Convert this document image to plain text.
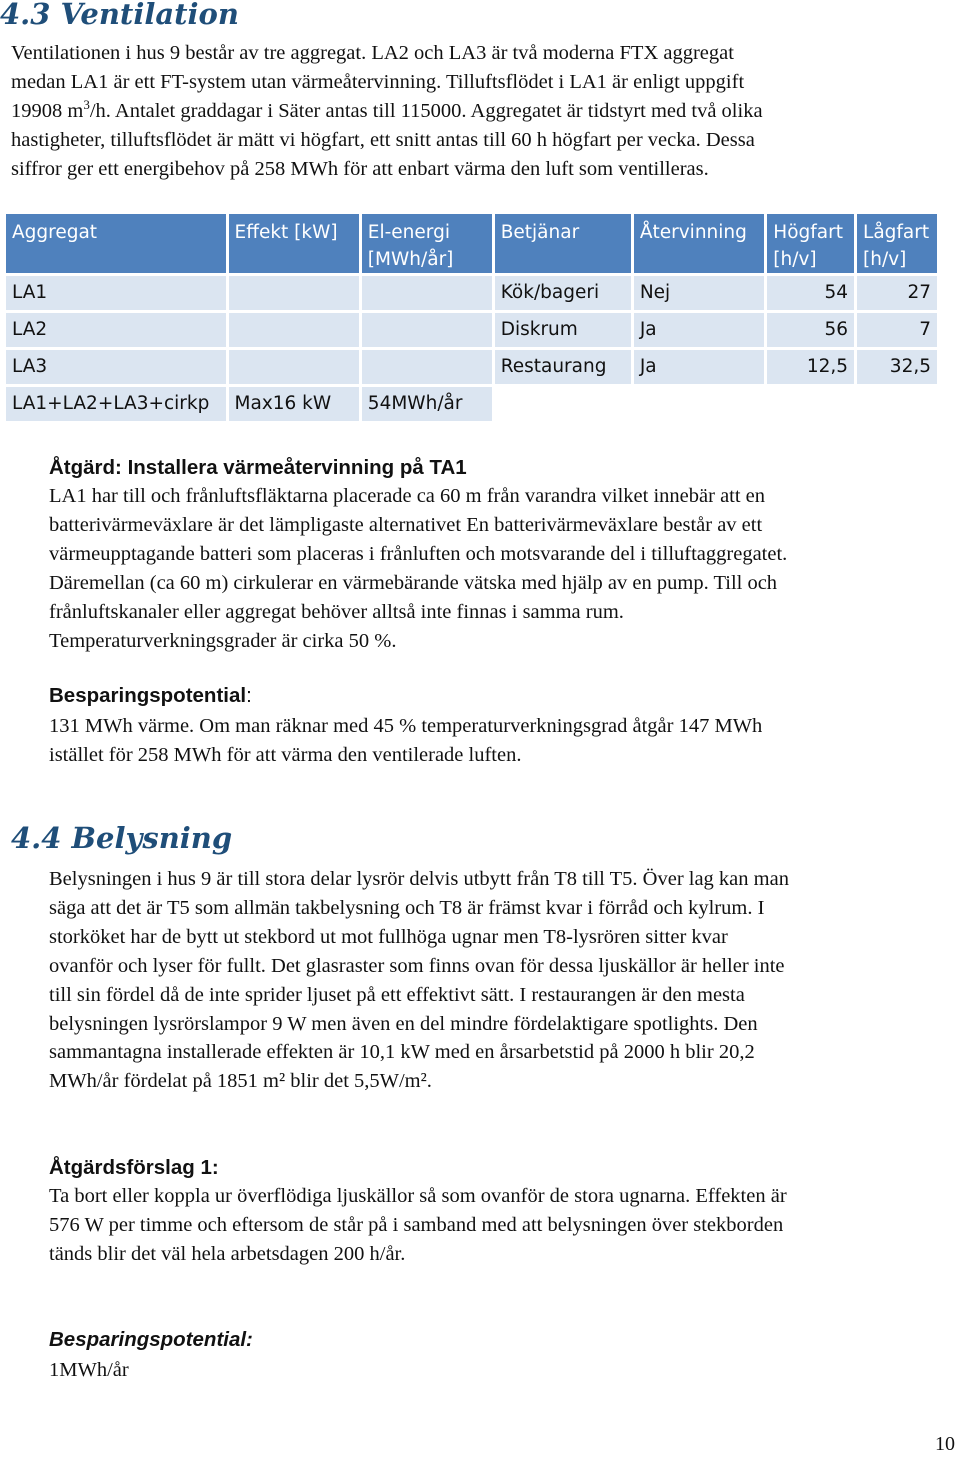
4.3 Ventilation
Ventilationen i hus 9 består av tre aggregat. LA2 och LA3 är två moderna FTX aggregat
medan LA1 är ett FT-system utan värmeåtervinning. Tilluftsflödet i LA1 är enligt uppgift
19908 $m^3/h$. Antalet graddagar i Säter antas till 115000. Aggregatet är tidstyrt med två olika
hastigheter, tilluftsflödet är mätt vi högfart, ett snitt antas till 60 h högfart per vecka. Dessa
siffror ger ett energibehov på 258 MWh för att enbart värma den luft som ventilleras.
Aggregat	Effekt [kW]	El-energi [MWh/år]	Betjänar	Återvinning	Högfart [h/v]	Lågfart [h/v]
LA1			Kök/bageri	Nej	54	27
LA2			Diskrum	Ja	56	7
LA3			Restaurang	Ja	12,5	32,5
LA1+LA2+LA3+cirkp	Max16 kW	54MWh/år				
Åtgärd: Installera värmeåtervinning på TA1
LA1 har till och frånluftsfläktarna placerade ca 60 m från varandra vilket innebär att en
batterivärmeväxlare är det lämpligaste alternativet En batterivärmeväxlare består av ett
värmeupptagande batteri som placeras i frånluften och motsvarande del i tilluftaggregatet.
Däremellan (ca 60 m) cirkulerar en värmebärande vätska med hjälp av en pump. Till och
frånluftskanaler eller aggregat behöver alltså inte finnas i samma rum.
Temperaturverkningsgrader är cirka 50 %.
Besparingspotential:
131 MWh värme. Om man räknar med 45 % temperaturverkningsgrad åtgår 147 MWh
istället för 258 MWh för att värma den ventilerade luften.
4.4 Belysning
Belysningen i hus 9 är till stora delar lysrör delvis utbytt från T8 till T5. Över lag kan man
säga att det är T5 som allmän takbelysning och T8 är främst kvar i förråd och kylrum. I
storköket har de bytt ut stekbord ut mot fullhöga ugnar men T8-lysrören sitter kvar
ovanför och lyser för fullt. Det glasraster som finns ovan för dessa ljuskällor är heller inte
till sin fördel då de inte sprider ljuset på ett effektivt sätt. I restaurangen är den mesta
belysningen lysrörslampor 9 W men även en del mindre fördelaktigare spotlights. Den
sammantagna installerade effekten är 10,1 kW med en årsarbetstid på 2000 h blir 20,2
MWh/år fördelat på 1851 m² blir det 5,5W/m².
Åtgärdsförslag 1:
Ta bort eller koppla ur överflödiga ljuskällor så som ovanför de stora ugnarna. Effekten är
576 W per timme och eftersom de står på i samband med att belysningen över stekborden
tänds blir det väl hela arbetsdagen 200 h/år.
Besparingspotential:
1MWh/år
10
